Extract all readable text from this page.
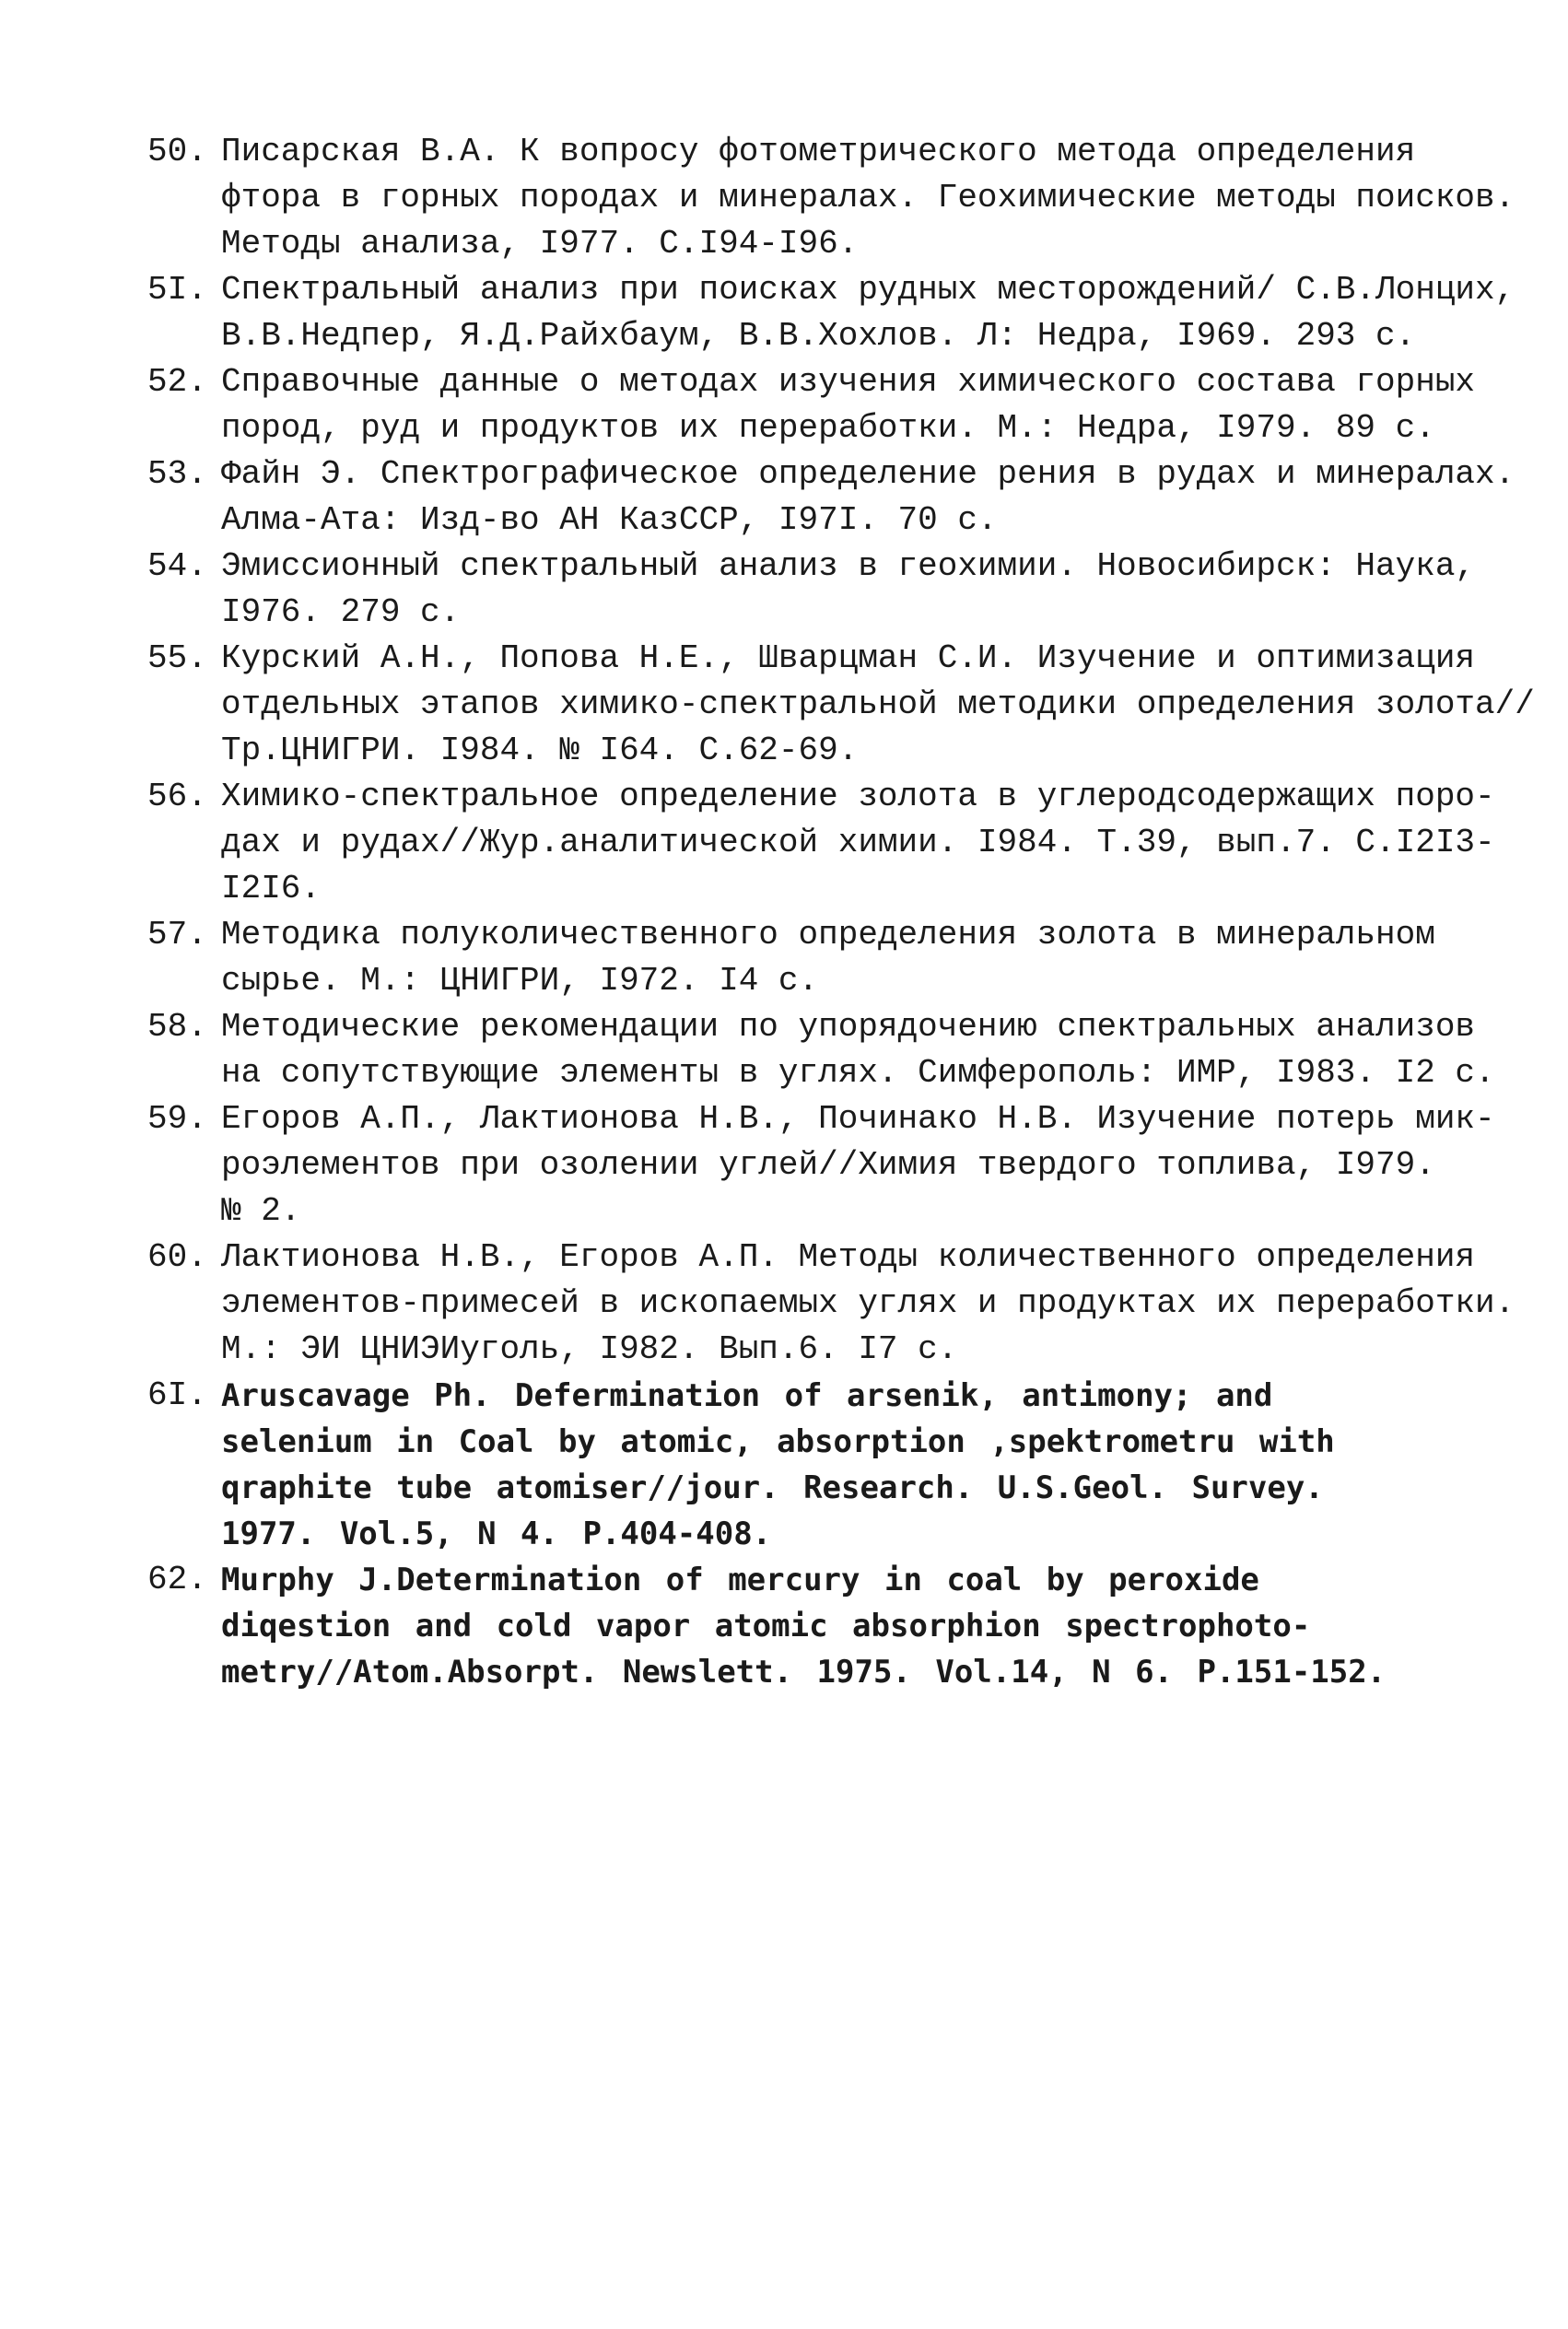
50. Писарская В.А. К вопросу фотометрического метода определения
фтора в горных породах и минералах. Геохимические методы поисков.
Методы анализа, I977. С.I94-I96.
5I. Спектральный анализ при поисках рудных месторождений/ С.В.Лонцих,
В.В.Недпер, Я.Д.Райхбаум, В.В.Хохлов. Л: Недра, I969. 293 с.
52. Справочные данные о методах изучения химического состава горных
пород, руд и продуктов их переработки. М.: Недра, I979. 89 с.
53. Файн Э. Спектрографическое определение рения в рудах и минералах.
Алма-Ата: Изд-во АН КазССР, I97I. 70 с.
54. Эмиссионный спектральный анализ в геохимии. Новосибирск: Наука,
I976. 279 с.
55. Курский А.Н., Попова Н.Е., Шварцман С.И. Изучение и оптимизация
отдельных этапов химико-спектральной методики определения золота//
Тр.ЦНИГРИ. I984. № I64. С.62-69.
56. Химико-спектральное определение золота в углеродсодержащих поро-
дах и рудах//Жур.аналитической химии. I984. Т.39, вып.7. С.I2I3-
I2I6.
57. Методика полуколичественного определения золота в минеральном
сырье. М.: ЦНИГРИ, I972. I4 с.
58. Методические рекомендации по упорядочению спектральных анализов
на сопутствующие элементы в углях. Симферополь: ИМР, I983. I2 с.
59. Егоров А.П., Лактионова Н.В., Починако Н.В. Изучение потерь мик-
роэлементов при озолении углей//Химия твердого топлива, I979.
№ 2.
60. Лактионова Н.В., Егоров А.П. Методы количественного определения
элементов-примесей в ископаемых углях и продуктах их переработки.
М.: ЭИ ЦНИЭИуголь, I982. Вып.6. I7 с.
6I. Aruscavage Ph. Defermination of arsenik, antimony; and
selenium in Coal by atomic, absorption ,spektrometru with
qraphite tube atomiser//jour. Research. U.S.Geol. Survey.
1977. Vol.5, N 4. P.404-408.
62. Murphy J.Determination of mercury in coal by peroxide
diqestion and cold vapor atomic absorphion spectrophoto-
metry//Atom.Absorpt. Newslett. 1975. Vol.14, N 6. P.151-152.
